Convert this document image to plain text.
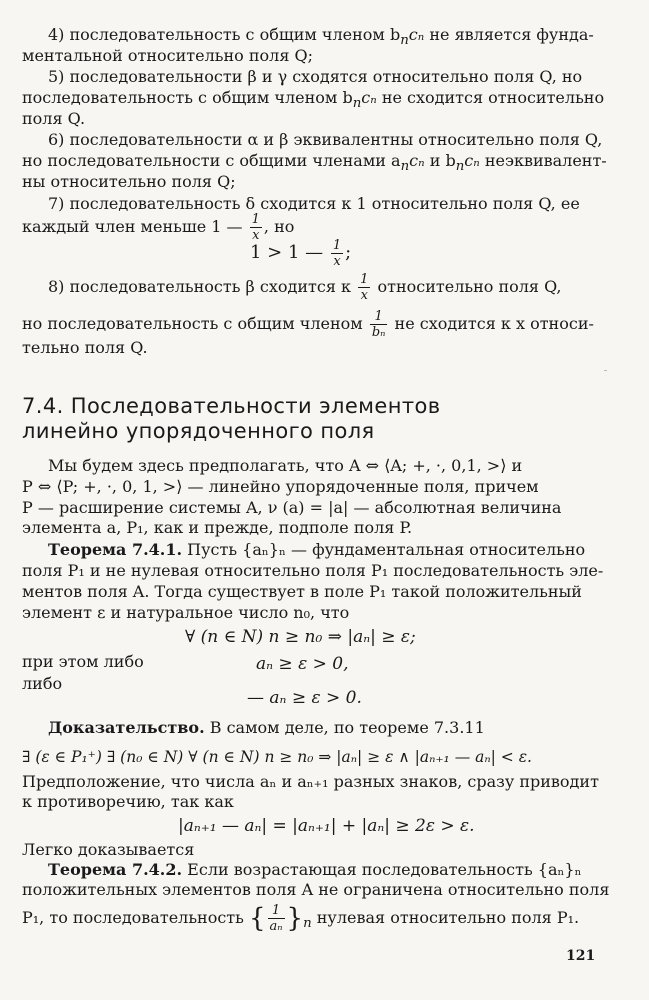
4) последовательность с общим членом $b_nc_n$ не является фунда-
ментальной относительно поля Q;
5) последовательности β и γ сходятся относительно поля Q, но
последовательность с общим членом $b_nc_n$ не сходится относительно
поля Q.
6) последовательности α и β эквивалентны относительно поля Q,
но последовательности с общими членами $a_nc_n$ и $b_nc_n$ неэквивалент-
ны относительно поля Q;
7) последовательность δ сходится к 1 относительно поля Q, ее
каждый член меньше 1 — $\frac{1}{x}$ , но
1 > 1 — $\frac{1}{x}$ ;
8) последовательность β сходится к $\frac{1}{x}$ относительно поля Q,
но последовательность с общим членом $\frac{1}{\text{bₙ}}$ не сходится к x относи-
тельно поля Q.
7.4. Последовательности элементов
линейно упорядоченного поля
Мы будем здесь предполагать, что A ⇔ ⟨A; +, ·, 0,1, >⟩ и
P ⇔ ⟨P; +, ·, 0, 1, >⟩ — линейно упорядоченные поля, причем
P — расширение системы A, ν (a) = |a| — абсолютная величина
элемента a, P₁, как и прежде, подполе поля P.
Теорема 7.4.1. Пусть {aₙ}ₙ — фундаментальная относительно
поля P₁ и не нулевая относительно поля P₁ последовательность эле-
ментов поля A. Тогда существует в поле P₁ такой положительный
элемент ε и натуральное число n₀, что
∀ (n ∈ N) n ≥ n₀ ⇒ |aₙ| ≥ ε;
при этом либо	aₙ ≥ ε > 0,
либо
— aₙ ≥ ε > 0.
Доказательство. В самом деле, по теореме 7.3.11
∃ (ε ∈ P₁⁺) ∃ (n₀ ∈ N) ∀ (n ∈ N) n ≥ n₀ ⇒ |aₙ| ≥ ε ∧ |aₙ₊₁ — aₙ| < ε.
Предположение, что числа aₙ и aₙ₊₁ разных знаков, сразу приводит
к противоречию, так как
|aₙ₊₁ — aₙ| = |aₙ₊₁| + |aₙ| ≥ 2ε > ε.
Легко доказывается
Теорема 7.4.2. Если возрастающая последовательность {aₙ}ₙ
положительных элементов поля A не ограничена относительно поля
P₁, то последовательность { $\frac{1}{\text{aₙ}} \}_n$ нулевая относительно поля P₁.
121
